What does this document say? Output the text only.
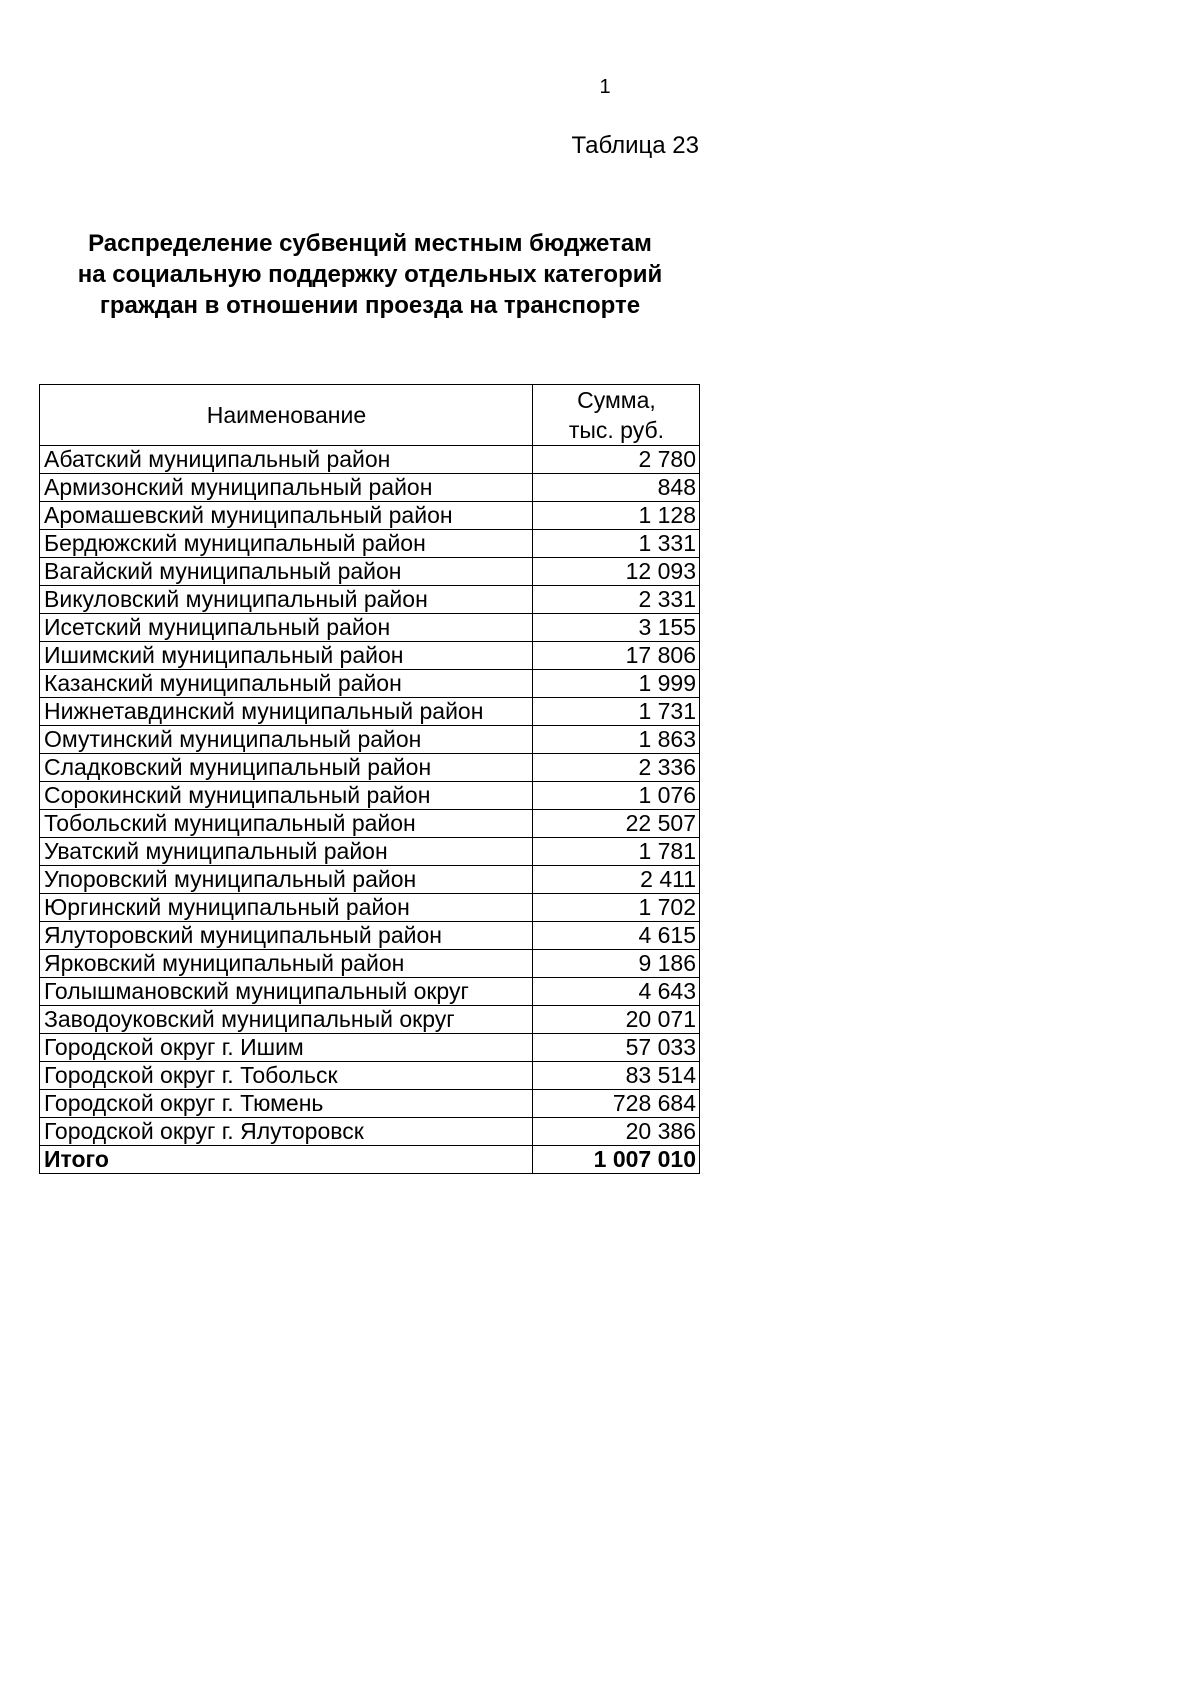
1
Таблица 23
Распределение субвенций местным бюджетам
на социальную поддержку отдельных категорий
граждан в отношении проезда на транспорте
Наименование	Сумма,
тыс. руб.

Абатский муниципальный район	2 780
Армизонский муниципальный район	848
Аромашевский муниципальный район	1 128
Бердюжский муниципальный район	1 331
Вагайский муниципальный район	12 093
Викуловский муниципальный район	2 331
Исетский муниципальный район	3 155
Ишимский муниципальный район	17 806
Казанский муниципальный район	1 999
Нижнетавдинский муниципальный район	1 731
Омутинский муниципальный район	1 863
Сладковский муниципальный район	2 336
Сорокинский муниципальный район	1 076
Тобольский муниципальный район	22 507
Уватский муниципальный район	1 781
Упоровский муниципальный район	2 411
Юргинский муниципальный район	1 702
Ялуторовский муниципальный район	4 615
Ярковский муниципальный район	9 186
Голышмановский муниципальный округ	4 643
Заводоуковский муниципальный округ	20 071
Городской округ г. Ишим	57 033
Городской округ г. Тобольск	83 514
Городской округ г. Тюмень	728 684
Городской округ г. Ялуторовск	20 386
Итого	1 007 010
